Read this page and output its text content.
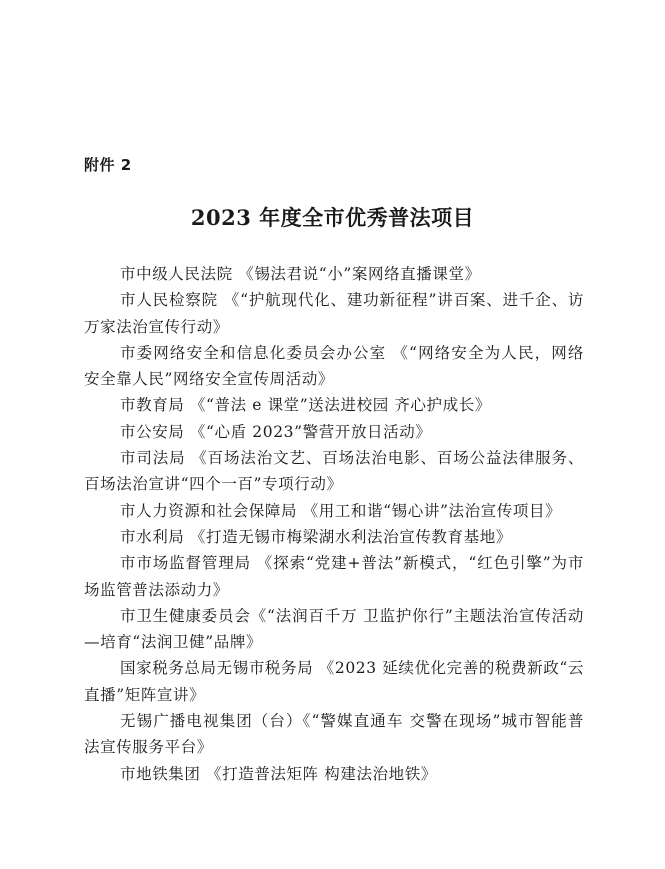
附件 2
2023 年度全市优秀普法项目

市中级人民法院 《锡法君说“小”案网络直播课堂》

市人民检察院 《“护航现代化、建功新征程”讲百案、进千企、访万家法治宣传行动》

市委网络安全和信息化委员会办公室 《“网络安全为人民，网络安全靠人民”网络安全宣传周活动》

市教育局 《“普法 e 课堂”送法进校园 齐心护成长》

市公安局 《“心盾 2023”警营开放日活动》

市司法局 《百场法治文艺、百场法治电影、百场公益法律服务、百场法治宣讲“四个一百”专项行动》

市人力资源和社会保障局 《用工和谐“锡心讲”法治宣传项目》

市水利局 《打造无锡市梅梁湖水利法治宣传教育基地》

市市场监督管理局 《探索“党建+普法”新模式，“红色引擎”为市场监管普法添动力》

市卫生健康委员会《“法润百千万 卫监护你行”主题法治宣传活动—培育“法润卫健”品牌》

国家税务总局无锡市税务局 《2023 延续优化完善的税费新政“云直播”矩阵宣讲》

无锡广播电视集团（台）《“警媒直通车 交警在现场”城市智能普法宣传服务平台》

市地铁集团 《打造普法矩阵 构建法治地铁》
